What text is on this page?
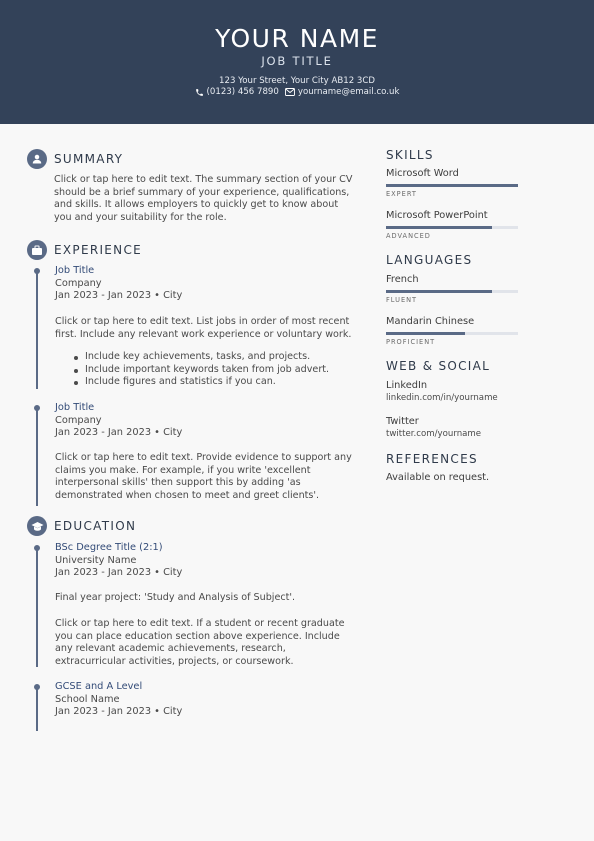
YOUR NAME
JOB TITLE
123 Your Street, Your City AB12 3CD
(0123) 456 7890 yourname@email.co.uk
SUMMARY
Click or tap here to edit text. The summary section of your CV
should be a brief summary of your experience, qualifications,
and skills. It allows employers to quickly get to know about
you and your suitability for the role.
EXPERIENCE
Job Title
Company
Jan 2023 - Jan 2023 • City
Click or tap here to edit text. List jobs in order of most recent
first. Include any relevant work experience or voluntary work.
Include key achievements, tasks, and projects.
Include important keywords taken from job advert.
Include figures and statistics if you can.
Job Title
Company
Jan 2023 - Jan 2023 • City
Click or tap here to edit text. Provide evidence to support any
claims you make. For example, if you write 'excellent
interpersonal skills' then support this by adding 'as
demonstrated when chosen to meet and greet clients'.
EDUCATION
BSc Degree Title (2:1)
University Name
Jan 2023 - Jan 2023 • City
Final year project: 'Study and Analysis of Subject'.
Click or tap here to edit text. If a student or recent graduate
you can place education section above experience. Include
any relevant academic achievements, research,
extracurricular activities, projects, or coursework.
GCSE and A Level
School Name
Jan 2023 - Jan 2023 • City
SKILLS
Microsoft Word
EXPERT
Microsoft PowerPoint
ADVANCED
LANGUAGES
French
FLUENT
Mandarin Chinese
PROFICIENT
WEB & SOCIAL
LinkedIn
linkedin.com/in/yourname
Twitter
twitter.com/yourname
REFERENCES
Available on request.
